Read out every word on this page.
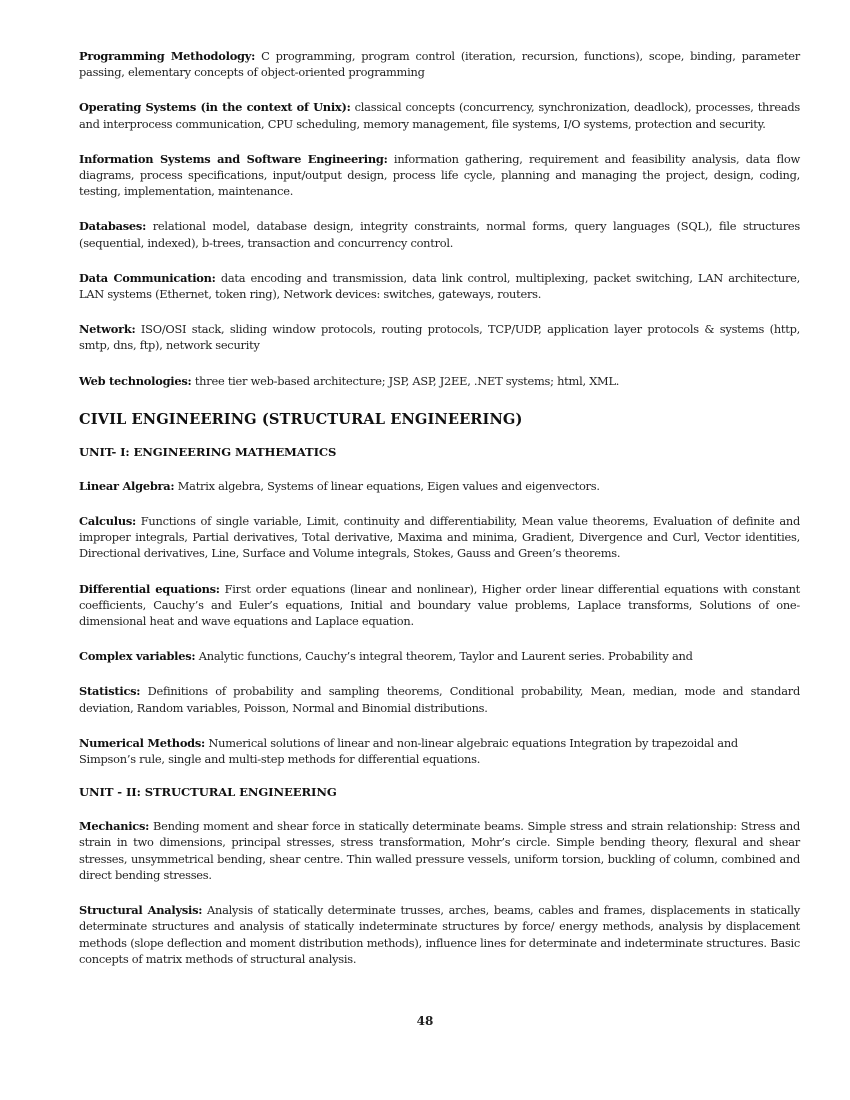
Programming Methodology: C programming, program control (iteration, recursion, functions), scope, binding, parameter passing, elementary concepts of object-oriented programming

Operating Systems (in the context of Unix): classical concepts (concurrency, synchronization, deadlock), processes, threads and interprocess communication, CPU scheduling, memory management, file systems, I/O systems, protection and security.

Information Systems and Software Engineering: information gathering, requirement and feasibility analysis, data flow diagrams, process specifications, input/output design, process life cycle, planning and managing the project, design, coding, testing, implementation, maintenance.

Databases: relational model, database design, integrity constraints, normal forms, query languages (SQL), file structures (sequential, indexed), b-trees, transaction and concurrency control.

Data Communication: data encoding and transmission, data link control, multiplexing, packet switching, LAN architecture, LAN systems (Ethernet, token ring), Network devices: switches, gateways, routers.

Network: ISO/OSI stack, sliding window protocols, routing protocols, TCP/UDP, application layer protocols & systems (http, smtp, dns, ftp), network security

Web technologies: three tier web-based architecture; JSP, ASP, J2EE, .NET systems; html, XML.

CIVIL ENGINEERING (STRUCTURAL ENGINEERING)
UNIT- I: ENGINEERING MATHEMATICS

Linear Algebra: Matrix algebra, Systems of linear equations, Eigen values and eigenvectors.

Calculus: Functions of single variable, Limit, continuity and differentiability, Mean value theorems, Evaluation of definite and improper integrals, Partial derivatives, Total derivative, Maxima and minima, Gradient, Divergence and Curl, Vector identities, Directional derivatives, Line, Surface and Volume integrals, Stokes, Gauss and Green’s theorems.

Differential equations: First order equations (linear and nonlinear), Higher order linear differential equations with constant coefficients, Cauchy’s and Euler’s equations, Initial and boundary value problems, Laplace transforms, Solutions of one-dimensional heat and wave equations and Laplace equation.

Complex variables: Analytic functions, Cauchy’s integral theorem, Taylor and Laurent series. Probability and

Statistics: Definitions of probability and sampling theorems, Conditional probability, Mean, median, mode and standard deviation, Random variables, Poisson, Normal and Binomial distributions.

Numerical Methods: Numerical solutions of linear and non-linear algebraic equations Integration by trapezoidal and
Simpson’s rule, single and multi-step methods for differential equations.

UNIT - II: STRUCTURAL ENGINEERING

Mechanics: Bending moment and shear force in statically determinate beams. Simple stress and strain relationship: Stress and strain in two dimensions, principal stresses, stress transformation, Mohr’s circle. Simple bending theory, flexural and shear stresses, unsymmetrical bending, shear centre. Thin walled pressure vessels, uniform torsion, buckling of column, combined and direct bending stresses.

Structural Analysis: Analysis of statically determinate trusses, arches, beams, cables and frames, displacements in statically determinate structures and analysis of statically indeterminate structures by force/ energy methods, analysis by displacement methods (slope deflection and moment distribution methods), influence lines for determinate and indeterminate structures. Basic concepts of matrix methods of structural analysis.

48
